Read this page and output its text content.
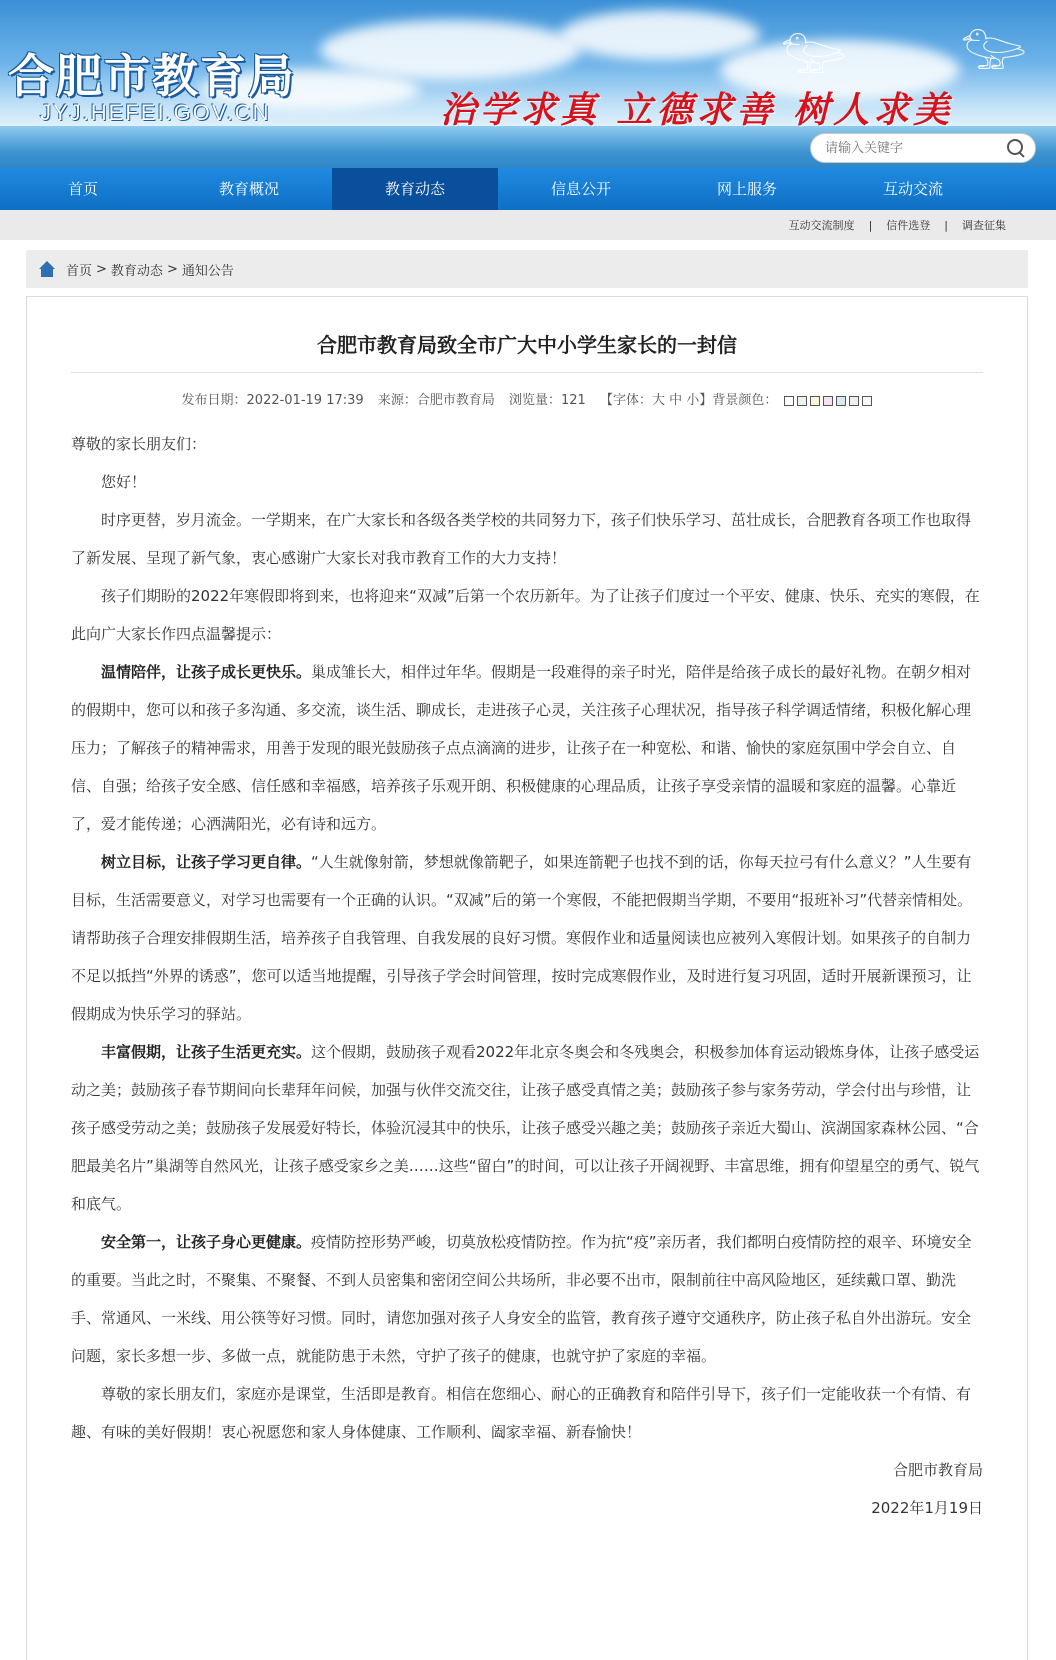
𓅰 𓅰
合肥市教育局
JYJ.HEFEI.GOV.CN	治学求真 立德求善 树人求美
请输入关键字
首页	教育概况	教育动态	信息公开	网上服务	互动交流
互动交流制度 | 信件选登 | 调查征集
首页 > 教育动态 > 通知公告
合肥市教育局致全市广大中小学生家长的一封信
发布日期：2022-01-19 17:39 来源：合肥市教育局 浏览量：121 【字体：大 中 小】背景颜色：

尊敬的家长朋友们：

您好！

时序更替，岁月流金。一学期来，在广大家长和各级各类学校的共同努力下，孩子们快乐学习、茁壮成长，合肥教育各项工作也取得了新发展、呈现了新气象，衷心感谢广大家长对我市教育工作的大力支持！

孩子们期盼的2022年寒假即将到来，也将迎来“双减”后第一个农历新年。为了让孩子们度过一个平安、健康、快乐、充实的寒假，在此向广大家长作四点温馨提示：

温情陪伴，让孩子成长更快乐。巢成雏长大，相伴过年华。假期是一段难得的亲子时光，陪伴是给孩子成长的最好礼物。在朝夕相对的假期中，您可以和孩子多沟通、多交流，谈生活、聊成长，走进孩子心灵，关注孩子心理状况，指导孩子科学调适情绪，积极化解心理压力；了解孩子的精神需求，用善于发现的眼光鼓励孩子点点滴滴的进步，让孩子在一种宽松、和谐、愉快的家庭氛围中学会自立、自信、自强；给孩子安全感、信任感和幸福感，培养孩子乐观开朗、积极健康的心理品质，让孩子享受亲情的温暖和家庭的温馨。心靠近了，爱才能传递；心洒满阳光，必有诗和远方。

树立目标，让孩子学习更自律。“人生就像射箭，梦想就像箭靶子，如果连箭靶子也找不到的话，你每天拉弓有什么意义？”人生要有目标，生活需要意义，对学习也需要有一个正确的认识。“双减”后的第一个寒假，不能把假期当学期，不要用“报班补习”代替亲情相处。请帮助孩子合理安排假期生活，培养孩子自我管理、自我发展的良好习惯。寒假作业和适量阅读也应被列入寒假计划。如果孩子的自制力不足以抵挡“外界的诱惑”，您可以适当地提醒，引导孩子学会时间管理，按时完成寒假作业，及时进行复习巩固，适时开展新课预习，让假期成为快乐学习的驿站。

丰富假期，让孩子生活更充实。这个假期，鼓励孩子观看2022年北京冬奥会和冬残奥会，积极参加体育运动锻炼身体，让孩子感受运动之美；鼓励孩子春节期间向长辈拜年问候，加强与伙伴交流交往，让孩子感受真情之美；鼓励孩子参与家务劳动，学会付出与珍惜，让孩子感受劳动之美；鼓励孩子发展爱好特长，体验沉浸其中的快乐，让孩子感受兴趣之美；鼓励孩子亲近大蜀山、滨湖国家森林公园、“合肥最美名片”巢湖等自然风光，让孩子感受家乡之美……这些“留白”的时间，可以让孩子开阔视野、丰富思维，拥有仰望星空的勇气、锐气和底气。

安全第一，让孩子身心更健康。疫情防控形势严峻，切莫放松疫情防控。作为抗“疫”亲历者，我们都明白疫情防控的艰辛、环境安全的重要。当此之时，不聚集、不聚餐、不到人员密集和密闭空间公共场所，非必要不出市，限制前往中高风险地区，延续戴口罩、勤洗手、常通风、一米线、用公筷等好习惯。同时，请您加强对孩子人身安全的监管，教育孩子遵守交通秩序，防止孩子私自外出游玩。安全问题，家长多想一步、多做一点，就能防患于未然，守护了孩子的健康，也就守护了家庭的幸福。

尊敬的家长朋友们，家庭亦是课堂，生活即是教育。相信在您细心、耐心的正确教育和陪伴引导下，孩子们一定能收获一个有情、有趣、有味的美好假期！衷心祝愿您和家人身体健康、工作顺利、阖家幸福、新春愉快！

合肥市教育局

2022年1月19日
